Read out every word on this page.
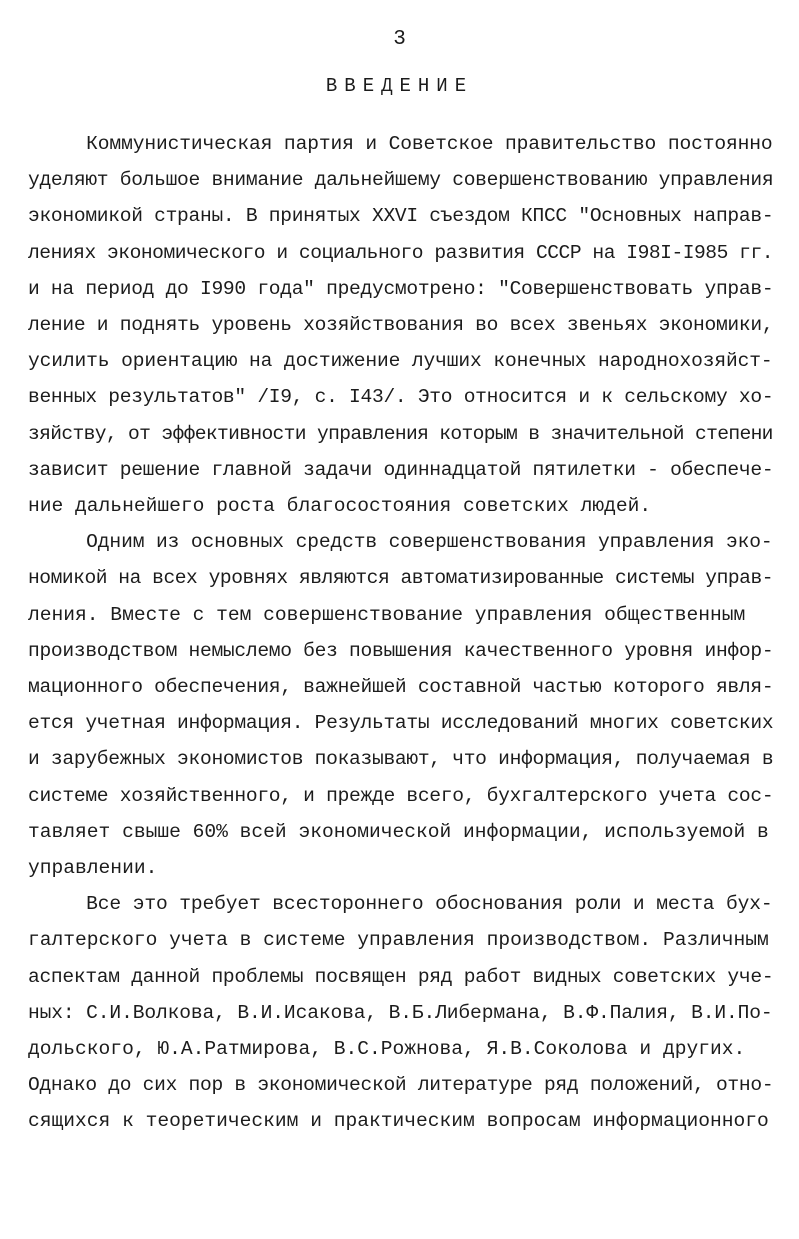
3
ВВЕДЕНИЕ
Коммунистическая партия и Советское правительство постоянно
уделяют большое внимание дальнейшему совершенствованию управления
экономикой страны. В принятых XXVI съездом КПСС "Основных направ-
лениях экономического и социального развития СССР на I98I-I985 гг.
и на период до I990 года" предусмотрено: "Совершенствовать управ-
ление и поднять уровень хозяйствования во всех звеньях экономики,
усилить ориентацию на достижение лучших конечных народнохозяйст-
венных результатов" /I9, с. I43/. Это относится и к сельскому хо-
зяйству, от эффективности управления которым в значительной степени
зависит решение главной задачи одиннадцатой пятилетки - обеспече-
ние дальнейшего роста благосостояния советских людей.
Одним из основных средств совершенствования управления эко-
номикой на всех уровнях являются автоматизированные системы управ-
ления. Вместе с тем совершенствование управления общественным
производством немыслемо без повышения качественного уровня инфор-
мационного обеспечения, важнейшей составной частью которого явля-
ется учетная информация. Результаты исследований многих советских
и зарубежных экономистов показывают, что информация, получаемая в
системе хозяйственного, и прежде всего, бухгалтерского учета сос-
тавляет свыше 60% всей экономической информации, используемой в
управлении.
Все это требует всестороннего обоснования роли и места бух-
галтерского учета в системе управления производством. Различным
аспектам данной проблемы посвящен ряд работ видных советских уче-
ных: С.И.Волкова, В.И.Исакова, В.Б.Либермана, В.Ф.Палия, В.И.По-
дольского, Ю.А.Ратмирова, В.С.Рожнова, Я.В.Соколова и других.
Однако до сих пор в экономической литературе ряд положений, отно-
сящихся к теоретическим и практическим вопросам информационного
